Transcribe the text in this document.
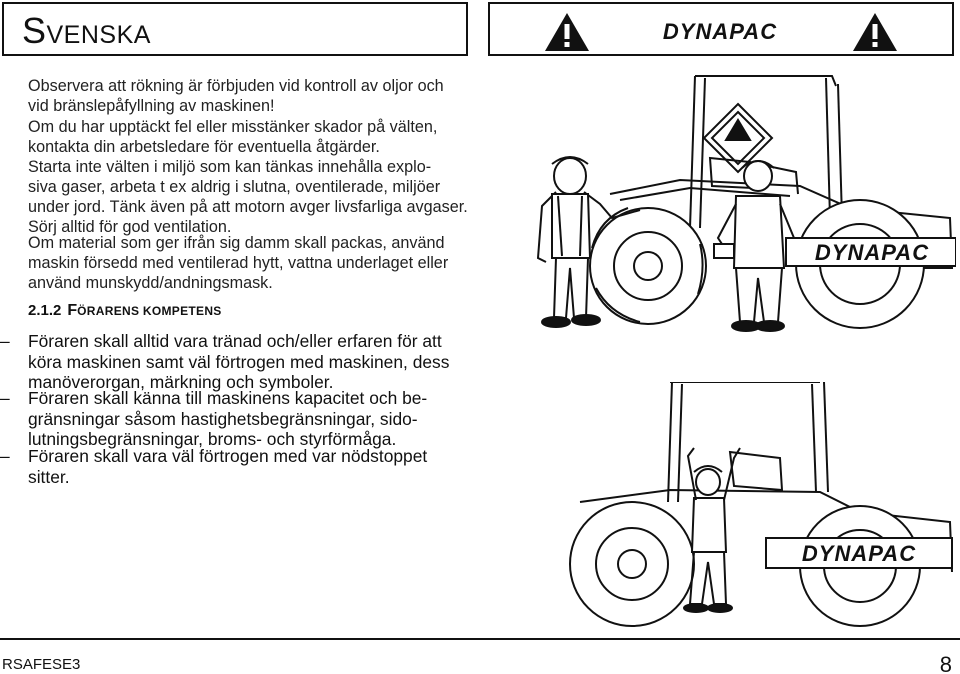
Svenska	DYNAPAC
Observera att rökning är förbjuden vid kontroll av oljor och
vid bränslepåfyllning av maskinen!
Om du har upptäckt fel eller misstänker skador på välten,
kontakta din arbetsledare för eventuella åtgärder.
Starta inte välten i miljö som kan tänkas innehålla explo-
siva gaser, arbeta t ex aldrig i slutna, oventilerade, miljöer
under jord. Tänk även på att motorn avger livsfarliga avgaser.
Sörj alltid för god ventilation.
Om material som ger ifrån sig damm skall packas, använd
maskin försedd med ventilerad hytt, vattna underlaget eller
använd munskydd/andningsmask.
2.1.2 FÖRARENS KOMPETENS
–	Föraren skall alltid vara tränad och/eller erfaren för att
köra maskinen samt väl förtrogen med maskinen, dess
manöverorgan, märkning och symboler.
–	Föraren skall känna till maskinens kapacitet och be-
gränsningar såsom hastighetsbegränsningar, sido-
lutningsbegränsningar, broms- och styrförmåga.
–	Föraren skall vara väl förtrogen med var nödstoppet
sitter.
DYNAPAC
DYNAPAC
RSAFESE3	8
